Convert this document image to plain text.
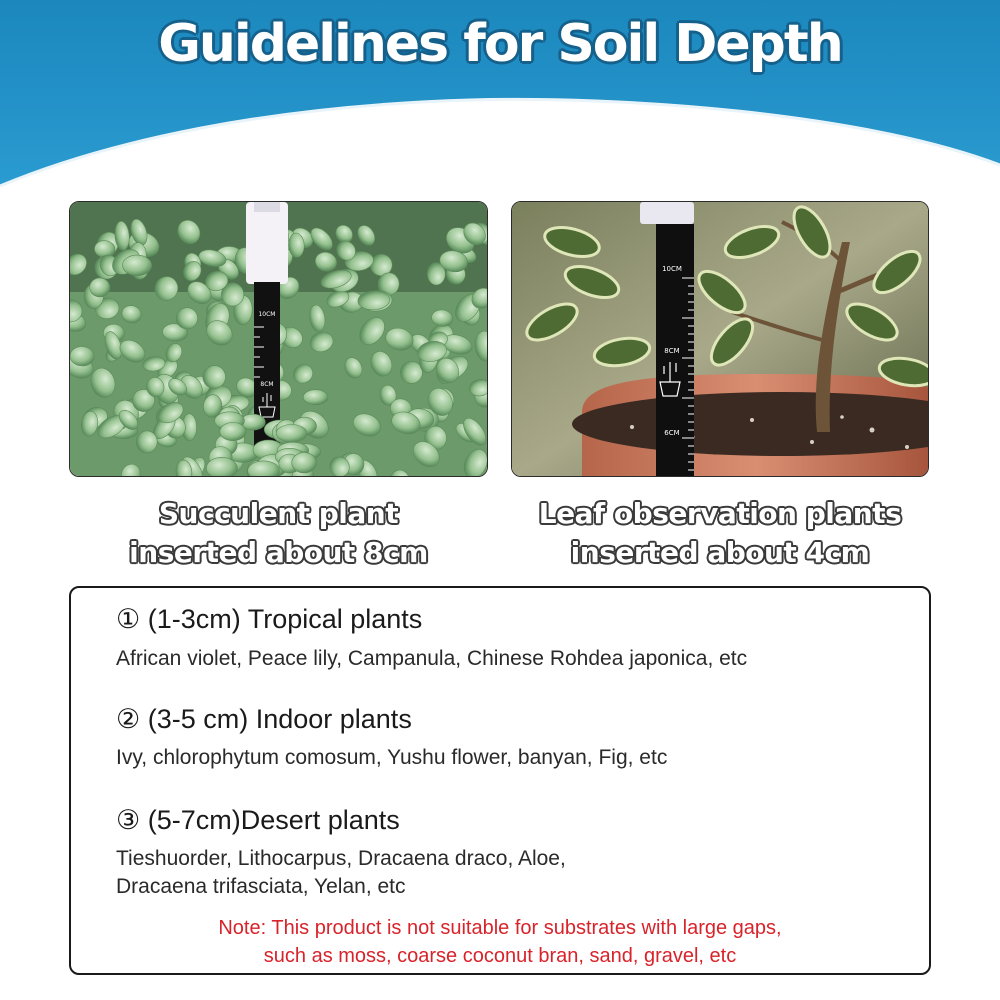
Guidelines for Soil Depth
10CM
8CM
10CM
8CM
6CM
Succulent plant
inserted about 8cm
Leaf observation plants
inserted about 4cm
① (1-3cm) Tropical plants
African violet, Peace lily, Campanula, Chinese Rohdea japonica, etc
② (3-5 cm) Indoor plants
Ivy, chlorophytum comosum, Yushu flower, banyan, Fig, etc
③ (5-7cm)Desert plants
Tieshuorder, Lithocarpus, Dracaena draco, Aloe,
Dracaena trifasciata, Yelan, etc
Note: This product is not suitable for substrates with large gaps,
such as moss, coarse coconut bran, sand, gravel, etc
